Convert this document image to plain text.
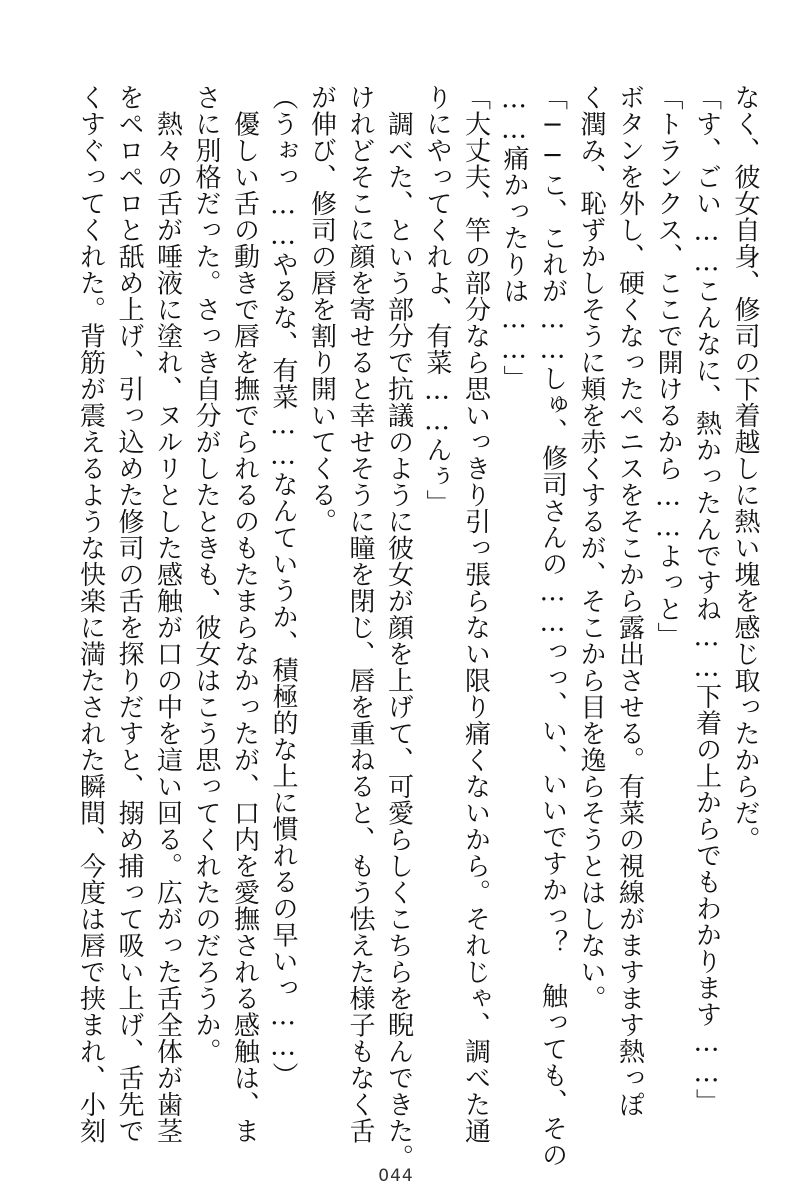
なく、彼女自身、修司の下着越しに熱い塊を感じ取ったからだ。
「す、ごい……こんなに、熱かったんですね……下着の上からでもわかります……」
「トランクス、ここで開けるから……よっと」
ボタンを外し、硬くなったペニスをそこから露出させる。有菜の視線がますます熱っぽ
く潤み、恥ずかしそうに頬を赤くするが、そこから目を逸らそうとはしない。
「──こ、これが……しゅ、修司さんの……っっ、い、いいですかっ？　触っても、その
……痛かったりは……」
「大丈夫、竿の部分なら思いっきり引っ張らない限り痛くないから。それじゃ、調べた通
りにやってくれよ、有菜……んぅ」
　調べた、という部分で抗議のように彼女が顔を上げて、可愛らしくこちらを睨んできた。
けれどそこに顔を寄せると幸せそうに瞳を閉じ、唇を重ねると、もう怯えた様子もなく舌
が伸び、修司の唇を割り開いてくる。
（うぉっ……やるな、有菜……なんていうか、積極的な上に慣れるの早いっ……）
　優しい舌の動きで唇を撫でられるのもたまらなかったが、口内を愛撫される感触は、ま
さに別格だった。さっき自分がしたときも、彼女はこう思ってくれたのだろうか。
　熱々の舌が唾液に塗れ、ヌルリとした感触が口の中を這い回る。広がった舌全体が歯茎
をペロペロと舐め上げ、引っ込めた修司の舌を探りだすと、搦め捕って吸い上げ、舌先で
くすぐってくれた。背筋が震えるような快楽に満たされた瞬間、今度は唇で挟まれ、小刻
044
